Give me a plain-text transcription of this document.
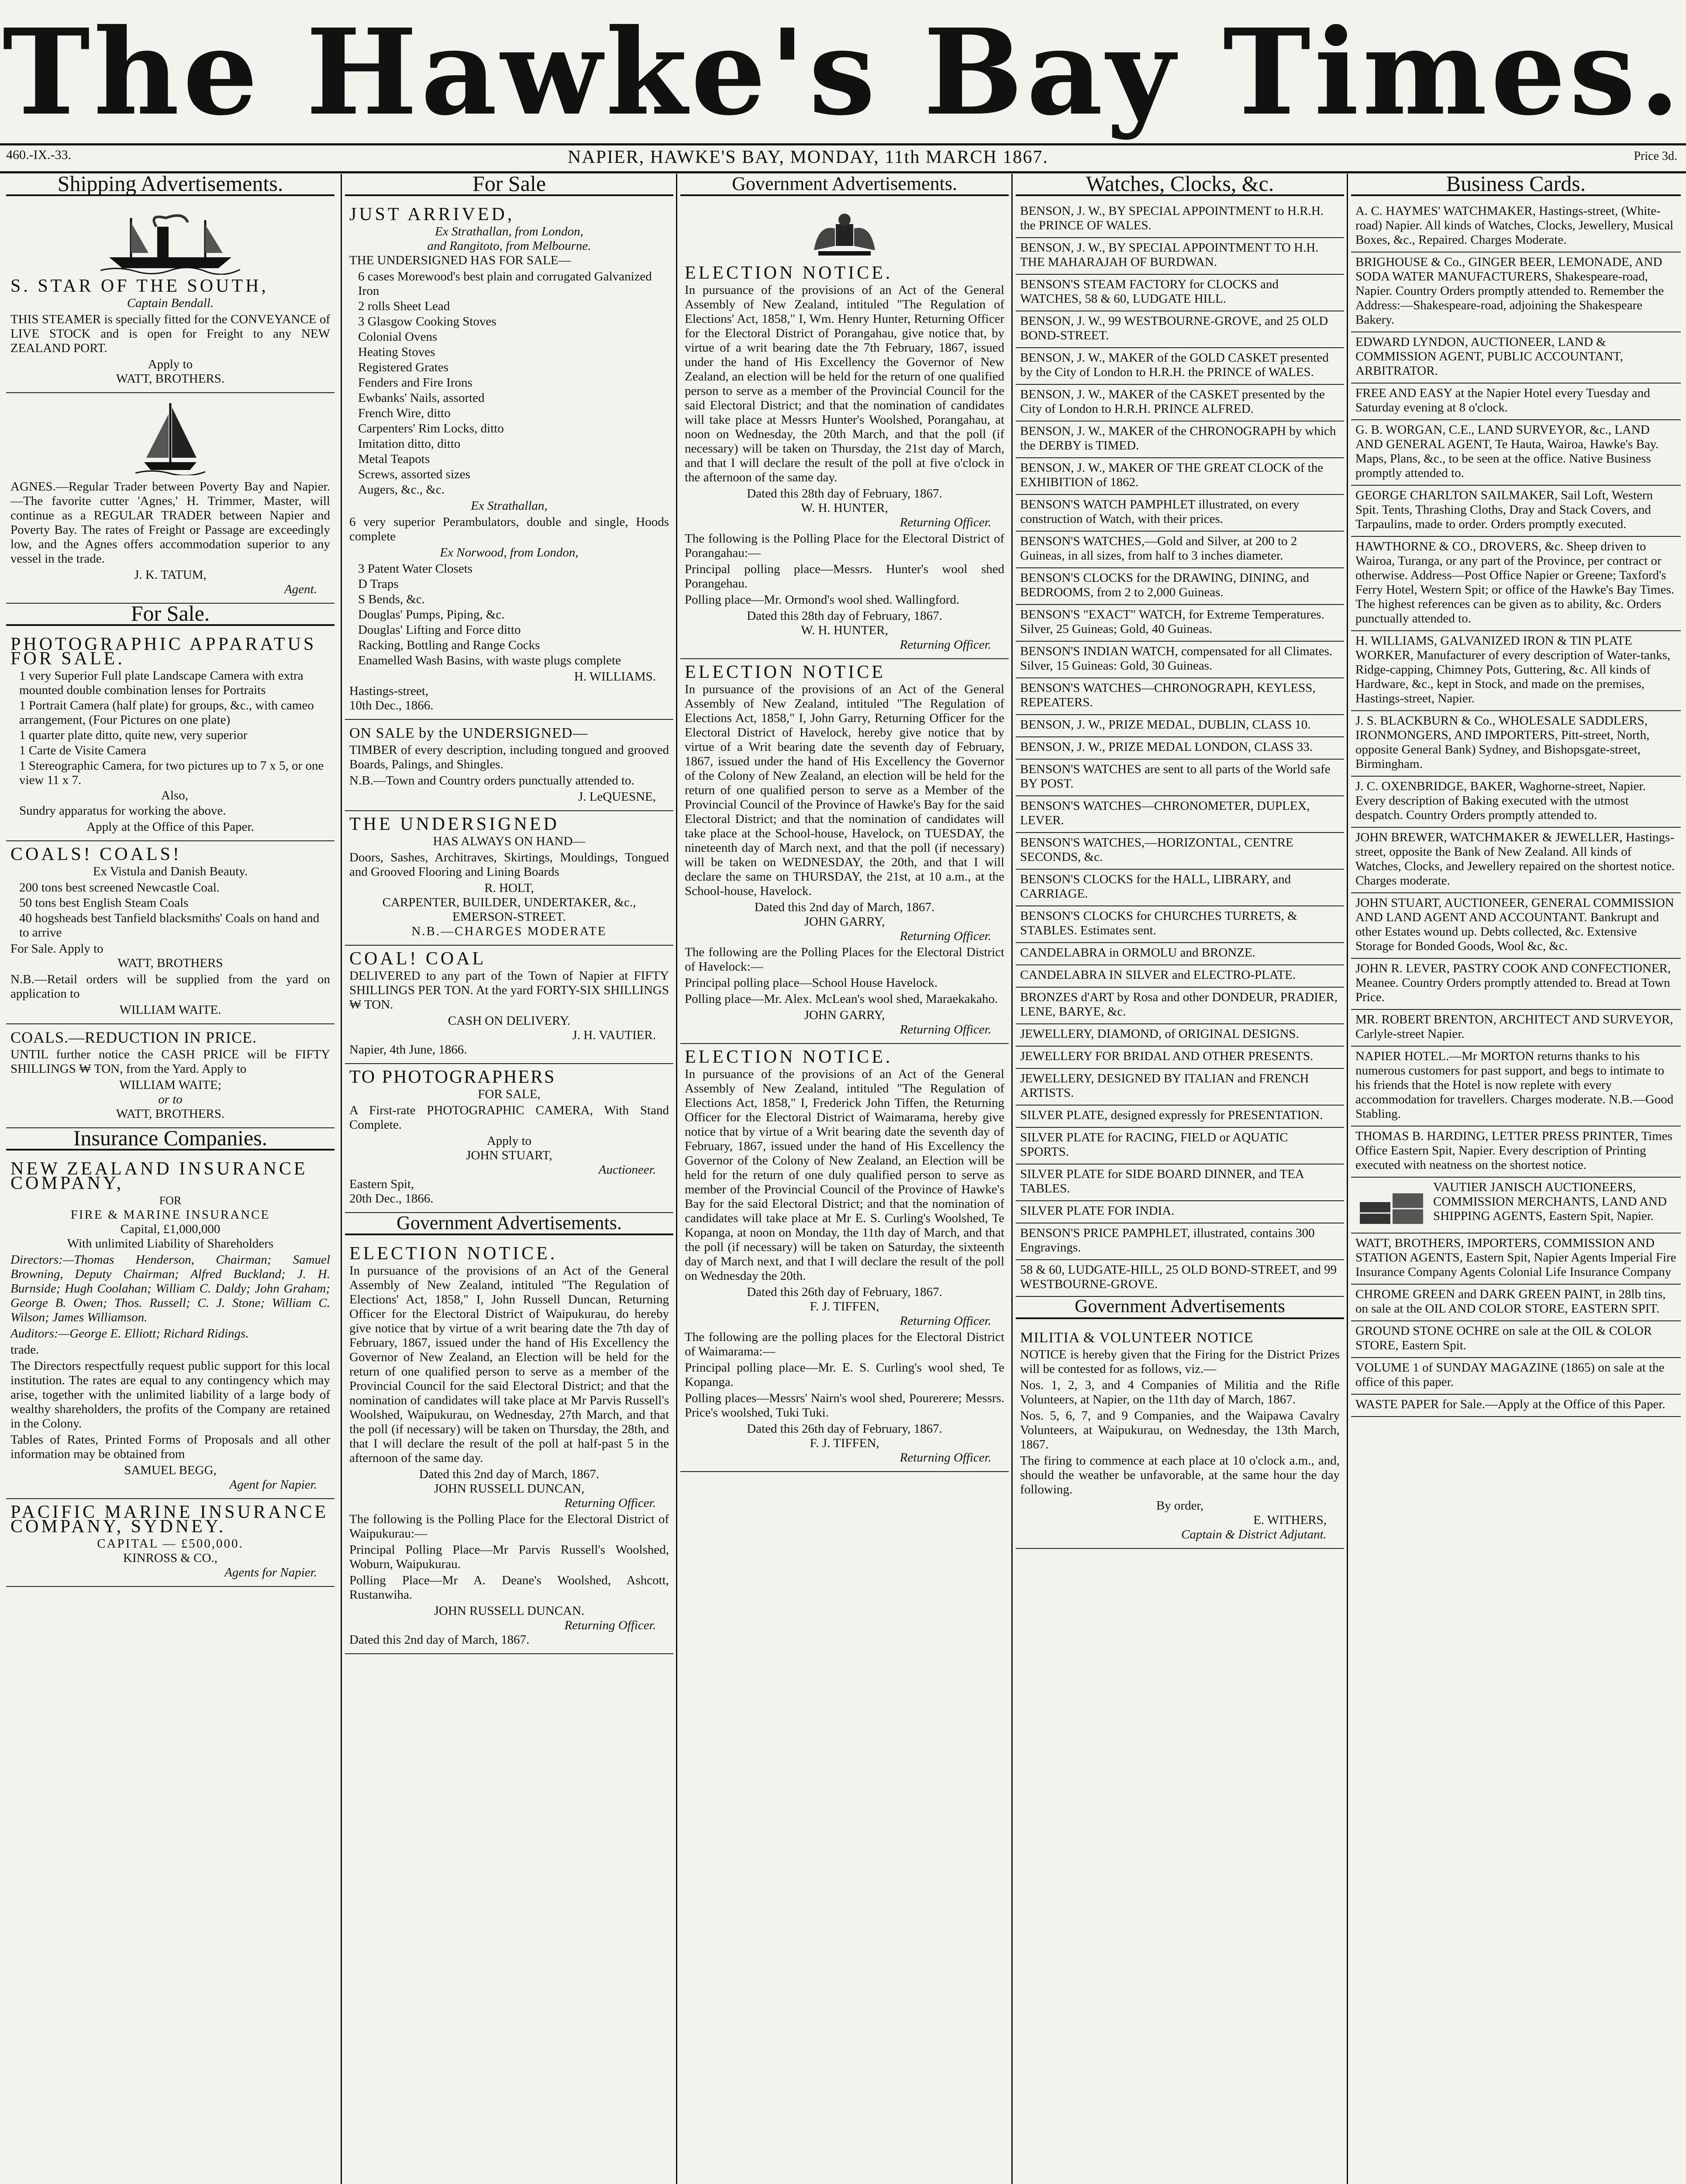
The Hawke's Bay Times.
460.-IX.-33.	NAPIER, HAWKE'S BAY, MONDAY, 11th MARCH 1867.	Price 3d.
Shipping Advertisements.
S. STAR OF THE SOUTH,
Captain Bendall.

THIS STEAMER is specially fitted for the CONVEYANCE of LIVE STOCK and is open for Freight to any NEW ZEALAND PORT.

Apply to
WATT, BROTHERS.

AGNES.—Regular Trader between Poverty Bay and Napier.—The favorite cutter 'Agnes,' H. Trimmer, Master, will continue as a REGULAR TRADER between Napier and Poverty Bay. The rates of Freight or Passage are exceedingly low, and the Agnes offers accommodation superior to any vessel in the trade.

J. K. TATUM,
Agent.
For Sale.
PHOTOGRAPHIC APPARATUS FOR SALE.
1 very Superior Full plate Landscape Camera with extra mounted double combination lenses for Portraits
1 Portrait Camera (half plate) for groups, &c., with cameo arrangement, (Four Pictures on one plate)
1 quarter plate ditto, quite new, very superior
1 Carte de Visite Camera
1 Stereographic Camera, for two pictures up to 7 x 5, or one view 11 x 7.
Also,
Sundry apparatus for working the above.
Apply at the Office of this Paper.
COALS! COALS!
Ex Vistula and Danish Beauty.
200 tons best screened Newcastle Coal.
50 tons best English Steam Coals
40 hogsheads best Tanfield blacksmiths' Coals on hand and to arrive
For Sale. Apply to
WATT, BROTHERS

N.B.—Retail orders will be supplied from the yard on application to

WILLIAM WAITE.
COALS.—REDUCTION IN PRICE.

UNTIL further notice the CASH PRICE will be FIFTY SHILLINGS ₩ TON, from the Yard. Apply to

WILLIAM WAITE;
or to
WATT, BROTHERS.
Insurance Companies.
NEW ZEALAND INSURANCE COMPANY,
FOR
FIRE & MARINE INSURANCE
Capital, £1,000,000
With unlimited Liability of Shareholders

Directors:—Thomas Henderson, Chairman; Samuel Browning, Deputy Chairman; Alfred Buckland; J. H. Burnside; Hugh Coolahan; William C. Daldy; John Graham; George B. Owen; Thos. Russell; C. J. Stone; William C. Wilson; James Williamson.

Auditors:—George E. Elliott; Richard Ridings.

trade.

The Directors respectfully request public support for this local institution. The rates are equal to any contingency which may arise, together with the unlimited liability of a large body of wealthy shareholders, the profits of the Company are retained in the Colony.

Tables of Rates, Printed Forms of Proposals and all other information may be obtained from

SAMUEL BEGG,
Agent for Napier.
PACIFIC MARINE INSURANCE COMPANY, SYDNEY.
CAPITAL — £500,000.
KINROSS & CO.,
Agents for Napier.
For Sale
JUST ARRIVED,
Ex Strathallan, from London,
and Rangitoto, from Melbourne.
THE UNDERSIGNED HAS FOR SALE—
6 cases Morewood's best plain and corrugated Galvanized Iron
2 rolls Sheet Lead
3 Glasgow Cooking Stoves
Colonial Ovens
Heating Stoves
Registered Grates
Fenders and Fire Irons
Ewbanks' Nails, assorted
French Wire, ditto
Carpenters' Rim Locks, ditto
Imitation ditto, ditto
Metal Teapots
Screws, assorted sizes
Augers, &c., &c.
Ex Strathallan,

6 very superior Perambulators, double and single, Hoods complete

Ex Norwood, from London,
3 Patent Water Closets
D Traps
S Bends, &c.
Douglas' Pumps, Piping, &c.
Douglas' Lifting and Force ditto
Racking, Bottling and Range Cocks
Enamelled Wash Basins, with waste plugs complete
H. WILLIAMS.
Hastings-street,
10th Dec., 1866.
ON SALE by the UNDERSIGNED—

TIMBER of every description, including tongued and grooved Boards, Palings, and Shingles.

N.B.—Town and Country orders punctually attended to.

J. LeQUESNE,
THE UNDERSIGNED
HAS ALWAYS ON HAND—

Doors, Sashes, Architraves, Skirtings, Mouldings, Tongued and Grooved Flooring and Lining Boards

R. HOLT,
CARPENTER, BUILDER, UNDERTAKER, &c.,
EMERSON-STREET.
N.B.—CHARGES MODERATE
COAL! COAL

DELIVERED to any part of the Town of Napier at FIFTY SHILLINGS PER TON. At the yard FORTY-SIX SHILLINGS ₩ TON.

CASH ON DELIVERY.
J. H. VAUTIER.
Napier, 4th June, 1866.
TO PHOTOGRAPHERS
FOR SALE,

A First-rate PHOTOGRAPHIC CAMERA, With Stand Complete.

Apply to
JOHN STUART,
Auctioneer.
Eastern Spit,
20th Dec., 1866.
Government Advertisements.
ELECTION NOTICE.

In pursuance of the provisions of an Act of the General Assembly of New Zealand, intituled "The Regulation of Elections' Act, 1858," I, John Russell Duncan, Returning Officer for the Electoral District of Waipukurau, do hereby give notice that by virtue of a writ bearing date the 7th day of February, 1867, issued under the hand of His Excellency the Governor of New Zealand, an Election will be held for the return of one qualified person to serve as a member of the Provincial Council for the said Electoral District; and that the nomination of candidates will take place at Mr Parvis Russell's Woolshed, Waipukurau, on Wednesday, 27th March, and that the poll (if necessary) will be taken on Thursday, the 28th, and that I will declare the result of the poll at half-past 5 in the afternoon of the same day.

Dated this 2nd day of March, 1867.
JOHN RUSSELL DUNCAN,
Returning Officer.

The following is the Polling Place for the Electoral District of Waipukurau:—

Principal Polling Place—Mr Parvis Russell's Woolshed, Woburn, Waipukurau.

Polling Place—Mr A. Deane's Woolshed, Ashcott, Rustanwiha.

JOHN RUSSELL DUNCAN.
Returning Officer.
Dated this 2nd day of March, 1867.
Government Advertisements.
ELECTION NOTICE.

In pursuance of the provisions of an Act of the General Assembly of New Zealand, intituled "The Regulation of Elections' Act, 1858," I, Wm. Henry Hunter, Returning Officer for the Electoral District of Porangahau, give notice that, by virtue of a writ bearing date the 7th February, 1867, issued under the hand of His Excellency the Governor of New Zealand, an election will be held for the return of one qualified person to serve as a member of the Provincial Council for the said Electoral District; and that the nomination of candidates will take place at Messrs Hunter's Woolshed, Porangahau, at noon on Wednesday, the 20th March, and that the poll (if necessary) will be taken on Thursday, the 21st day of March, and that I will declare the result of the poll at five o'clock in the afternoon of the same day.

Dated this 28th day of February, 1867.
W. H. HUNTER,
Returning Officer.

The following is the Polling Place for the Electoral District of Porangahau:—

Principal polling place—Messrs. Hunter's wool shed Porangehau.

Polling place—Mr. Ormond's wool shed. Wallingford.

Dated this 28th day of February, 1867.
W. H. HUNTER,
Returning Officer.
ELECTION NOTICE

In pursuance of the provisions of an Act of the General Assembly of New Zealand, intituled "The Regulation of Elections Act, 1858," I, John Garry, Returning Officer for the Electoral District of Havelock, hereby give notice that by virtue of a Writ bearing date the seventh day of February, 1867, issued under the hand of His Excellency the Governor of the Colony of New Zealand, an election will be held for the return of one qualified person to serve as a Member of the Provincial Council of the Province of Hawke's Bay for the said Electoral District; and that the nomination of candidates will take place at the School-house, Havelock, on TUESDAY, the nineteenth day of March next, and that the poll (if necessary) will be taken on WEDNESDAY, the 20th, and that I will declare the same on THURSDAY, the 21st, at 10 a.m., at the School-house, Havelock.

Dated this 2nd day of March, 1867.
JOHN GARRY,
Returning Officer.

The following are the Polling Places for the Electoral District of Havelock:—

Principal polling place—School House Havelock.

Polling place—Mr. Alex. McLean's wool shed, Maraekakaho.

JOHN GARRY,
Returning Officer.
ELECTION NOTICE.

In pursuance of the provisions of an Act of the General Assembly of New Zealand, intituled "The Regulation of Elections Act, 1858," I, Frederick John Tiffen, the Returning Officer for the Electoral District of Waimarama, hereby give notice that by virtue of a Writ bearing date the seventh day of February, 1867, issued under the hand of His Excellency the Governor of the Colony of New Zealand, an Election will be held for the return of one duly qualified person to serve as member of the Provincial Council of the Province of Hawke's Bay for the said Electoral District; and that the nomination of candidates will take place at Mr E. S. Curling's Woolshed, Te Kopanga, at noon on Monday, the 11th day of March, and that the poll (if necessary) will be taken on Saturday, the sixteenth day of March next, and that I will declare the result of the poll on Wednesday the 20th.

Dated this 26th day of February, 1867.
F. J. TIFFEN,
Returning Officer.

The following are the polling places for the Electoral District of Waimarama:—

Principal polling place—Mr. E. S. Curling's wool shed, Te Kopanga.

Polling places—Messrs' Nairn's wool shed, Pourerere; Messrs. Price's woolshed, Tuki Tuki.

Dated this 26th day of February, 1867.
F. J. TIFFEN,
Returning Officer.
Watches, Clocks, &c.
BENSON, J. W., BY SPECIAL APPOINTMENT to H.R.H. the PRINCE OF WALES.
BENSON, J. W., BY SPECIAL APPOINTMENT TO H.H. THE MAHARAJAH OF BURDWAN.
BENSON'S STEAM FACTORY for CLOCKS and WATCHES, 58 & 60, LUDGATE HILL.
BENSON, J. W., 99 WESTBOURNE-GROVE, and 25 OLD BOND-STREET.
BENSON, J. W., MAKER of the GOLD CASKET presented by the City of London to H.R.H. the PRINCE of WALES.
BENSON, J. W., MAKER of the CASKET presented by the City of London to H.R.H. PRINCE ALFRED.
BENSON, J. W., MAKER of the CHRONOGRAPH by which the DERBY is TIMED.
BENSON, J. W., MAKER OF THE GREAT CLOCK of the EXHIBITION of 1862.
BENSON'S WATCH PAMPHLET illustrated, on every construction of Watch, with their prices.
BENSON'S WATCHES,—Gold and Silver, at 200 to 2 Guineas, in all sizes, from half to 3 inches diameter.
BENSON'S CLOCKS for the DRAWING, DINING, and BEDROOMS, from 2 to 2,000 Guineas.
BENSON'S "EXACT" WATCH, for Extreme Temperatures. Silver, 25 Guineas; Gold, 40 Guineas.
BENSON'S INDIAN WATCH, compensated for all Climates. Silver, 15 Guineas: Gold, 30 Guineas.
BENSON'S WATCHES—CHRONOGRAPH, KEYLESS, REPEATERS.
BENSON, J. W., PRIZE MEDAL, DUBLIN, CLASS 10.
BENSON, J. W., PRIZE MEDAL LONDON, CLASS 33.
BENSON'S WATCHES are sent to all parts of the World safe BY POST.
BENSON'S WATCHES—CHRONOMETER, DUPLEX, LEVER.
BENSON'S WATCHES,—HORIZONTAL, CENTRE SECONDS, &c.
BENSON'S CLOCKS for the HALL, LIBRARY, and CARRIAGE.
BENSON'S CLOCKS for CHURCHES TURRETS, & STABLES. Estimates sent.
CANDELABRA in ORMOLU and BRONZE.
CANDELABRA IN SILVER and ELECTRO-PLATE.
BRONZES d'ART by Rosa and other DONDEUR, PRADIER, LENE, BARYE, &c.
JEWELLERY, DIAMOND, of ORIGINAL DESIGNS.
JEWELLERY FOR BRIDAL AND OTHER PRESENTS.
JEWELLERY, DESIGNED BY ITALIAN and FRENCH ARTISTS.
SILVER PLATE, designed expressly for PRESENTATION.
SILVER PLATE for RACING, FIELD or AQUATIC SPORTS.
SILVER PLATE for SIDE BOARD DINNER, and TEA TABLES.
SILVER PLATE FOR INDIA.
BENSON'S PRICE PAMPHLET, illustrated, contains 300 Engravings.
58 & 60, LUDGATE-HILL, 25 OLD BOND-STREET, and 99 WESTBOURNE-GROVE.
Government Advertisements
MILITIA & VOLUNTEER NOTICE

NOTICE is hereby given that the Firing for the District Prizes will be contested for as follows, viz.—

Nos. 1, 2, 3, and 4 Companies of Militia and the Rifle Volunteers, at Napier, on the 11th day of March, 1867.

Nos. 5, 6, 7, and 9 Companies, and the Waipawa Cavalry Volunteers, at Waipukurau, on Wednesday, the 13th March, 1867.

The firing to commence at each place at 10 o'clock a.m., and, should the weather be unfavorable, at the same hour the day following.

By order,
E. WITHERS,
Captain & District Adjutant.
Business Cards.
A. C. HAYMES' WATCHMAKER, Hastings-street, (White-road) Napier. All kinds of Watches, Clocks, Jewellery, Musical Boxes, &c., Repaired. Charges Moderate.
BRIGHOUSE & Co., GINGER BEER, LEMONADE, AND SODA WATER MANUFACTURERS, Shakespeare-road, Napier. Country Orders promptly attended to. Remember the Address:—Shakespeare-road, adjoining the Shakespeare Bakery.
EDWARD LYNDON, AUCTIONEER, LAND & COMMISSION AGENT, PUBLIC ACCOUNTANT, ARBITRATOR.
FREE AND EASY at the Napier Hotel every Tuesday and Saturday evening at 8 o'clock.
G. B. WORGAN, C.E., LAND SURVEYOR, &c., LAND AND GENERAL AGENT, Te Hauta, Wairoa, Hawke's Bay. Maps, Plans, &c., to be seen at the office. Native Business promptly attended to.
GEORGE CHARLTON SAILMAKER, Sail Loft, Western Spit. Tents, Thrashing Cloths, Dray and Stack Covers, and Tarpaulins, made to order. Orders promptly executed.
HAWTHORNE & CO., DROVERS, &c. Sheep driven to Wairoa, Turanga, or any part of the Province, per contract or otherwise. Address—Post Office Napier or Greene; Taxford's Ferry Hotel, Western Spit; or office of the Hawke's Bay Times. The highest references can be given as to ability, &c. Orders punctually attended to.
H. WILLIAMS, GALVANIZED IRON & TIN PLATE WORKER, Manufacturer of every description of Water-tanks, Ridge-capping, Chimney Pots, Guttering, &c. All kinds of Hardware, &c., kept in Stock, and made on the premises, Hastings-street, Napier.
J. S. BLACKBURN & Co., WHOLESALE SADDLERS, IRONMONGERS, AND IMPORTERS, Pitt-street, North, opposite General Bank) Sydney, and Bishopsgate-street, Birmingham.
J. C. OXENBRIDGE, BAKER, Waghorne-street, Napier. Every description of Baking executed with the utmost despatch. Country Orders promptly attended to.
JOHN BREWER, WATCHMAKER & JEWELLER, Hastings-street, opposite the Bank of New Zealand. All kinds of Watches, Clocks, and Jewellery repaired on the shortest notice. Charges moderate.
JOHN STUART, AUCTIONEER, GENERAL COMMISSION AND LAND AGENT AND ACCOUNTANT. Bankrupt and other Estates wound up. Debts collected, &c. Extensive Storage for Bonded Goods, Wool &c, &c.
JOHN R. LEVER, PASTRY COOK AND CONFECTIONER, Meanee. Country Orders promptly attended to. Bread at Town Price.
MR. ROBERT BRENTON, ARCHITECT AND SURVEYOR, Carlyle-street Napier.
NAPIER HOTEL.—Mr MORTON returns thanks to his numerous customers for past support, and begs to intimate to his friends that the Hotel is now replete with every accommodation for travellers. Charges moderate. N.B.—Good Stabling.
THOMAS B. HARDING, LETTER PRESS PRINTER, Times Office Eastern Spit, Napier. Every description of Printing executed with neatness on the shortest notice.
VAUTIER JANISCH AUCTIONEERS, COMMISSION MERCHANTS, LAND AND SHIPPING AGENTS, Eastern Spit, Napier.
WATT, BROTHERS, IMPORTERS, COMMISSION AND STATION AGENTS, Eastern Spit, Napier Agents Imperial Fire Insurance Company Agents Colonial Life Insurance Company
CHROME GREEN and DARK GREEN PAINT, in 28lb tins, on sale at the OIL AND COLOR STORE, EASTERN SPIT.
GROUND STONE OCHRE on sale at the OIL & COLOR STORE, Eastern Spit.
VOLUME 1 of SUNDAY MAGAZINE (1865) on sale at the office of this paper.
WASTE PAPER for Sale.—Apply at the Office of this Paper.
